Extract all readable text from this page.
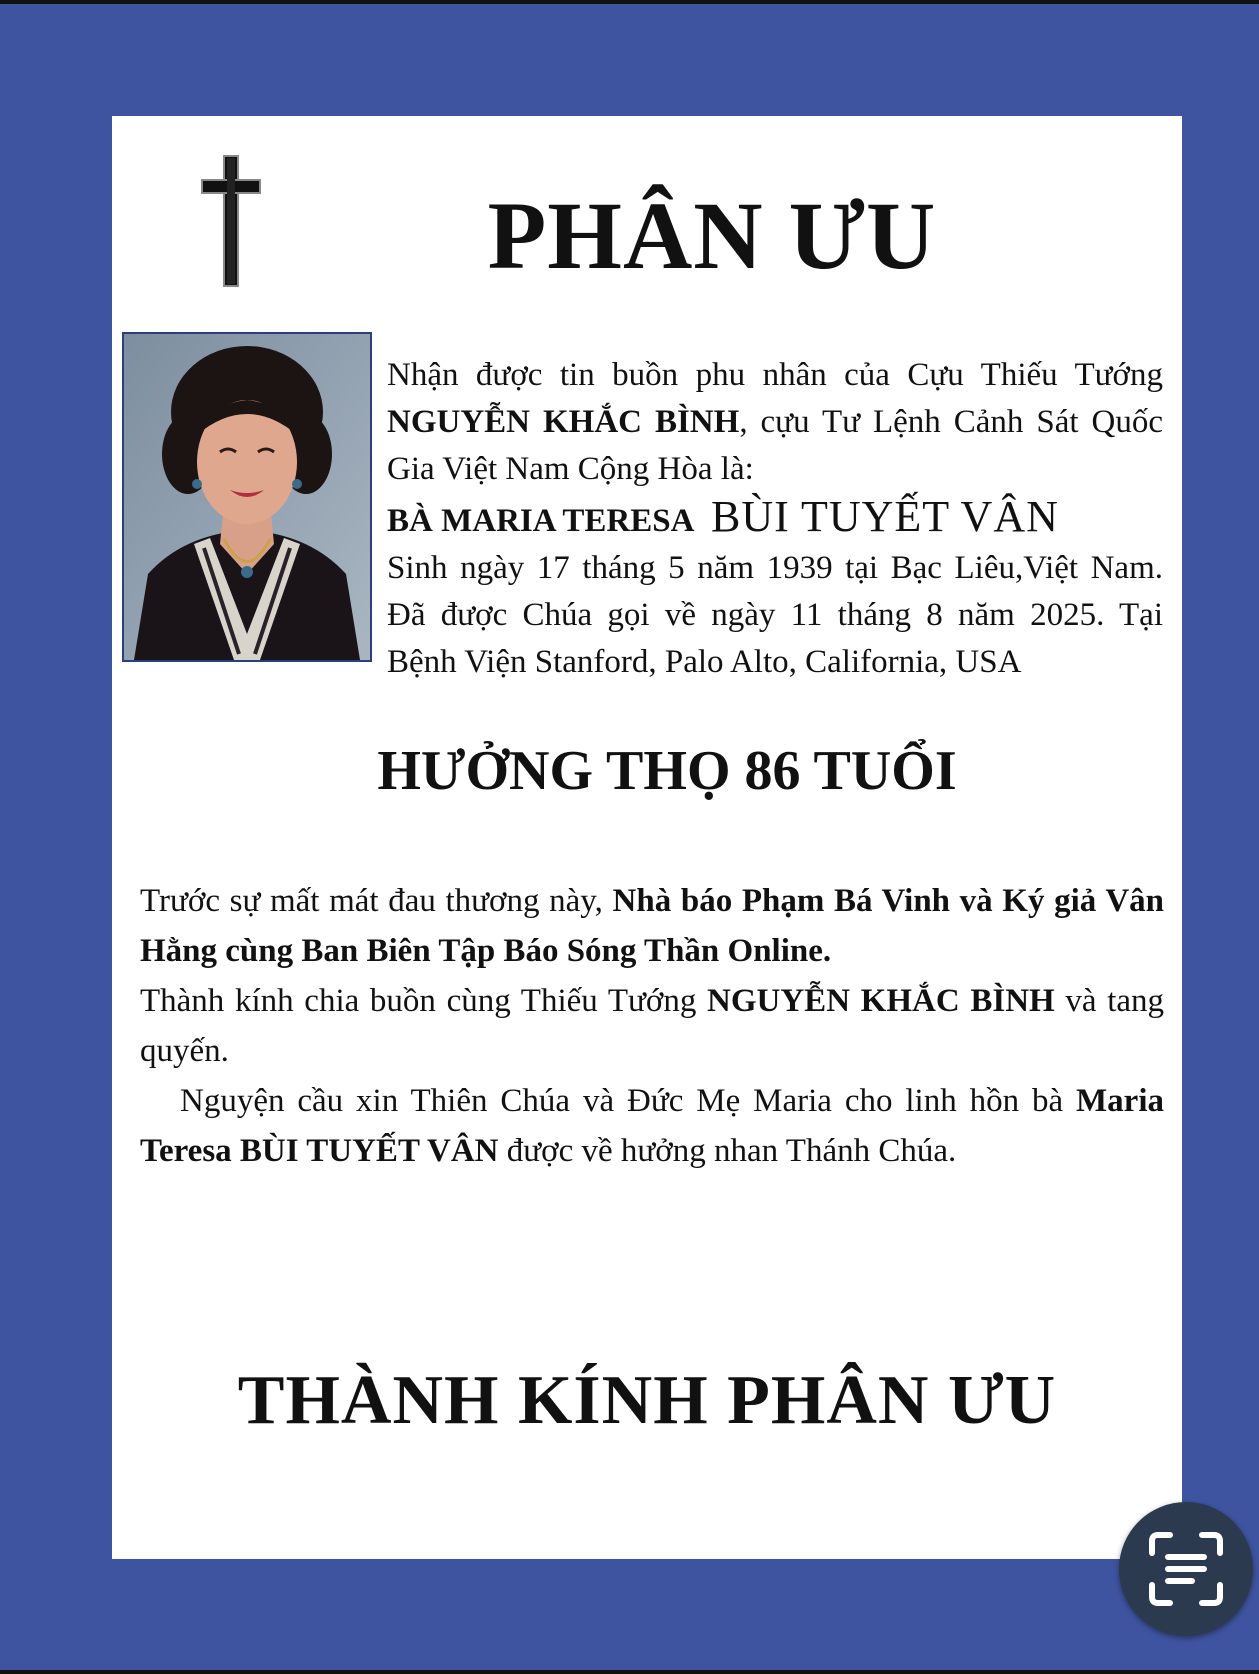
PHÂN ƯU

Nhận được tin buồn phu nhân của Cựu Thiếu Tướng NGUYỄN KHẮC BÌNH, cựu Tư Lệnh Cảnh Sát Quốc Gia Việt Nam Cộng Hòa là:

BÀ MARIA TERESA BÙI TUYẾT VÂN

Sinh ngày 17 tháng 5 năm 1939 tại Bạc Liêu,Việt Nam. Đã được Chúa gọi về ngày 11 tháng 8 năm 2025. Tại Bệnh Viện Stanford, Palo Alto, California, USA

HƯỞNG THỌ 86 TUỔI

Trước sự mất mát đau thương này, Nhà báo Phạm Bá Vinh và Ký giả Vân Hằng cùng Ban Biên Tập Báo Sóng Thần Online.

Thành kính chia buồn cùng Thiếu Tướng NGUYỄN KHẮC BÌNH và tang quyến.

Nguyện cầu xin Thiên Chúa và Đức Mẹ Maria cho linh hồn bà Maria Teresa BÙI TUYẾT VÂN được về hưởng nhan Thánh Chúa.

THÀNH KÍNH PHÂN ƯU
